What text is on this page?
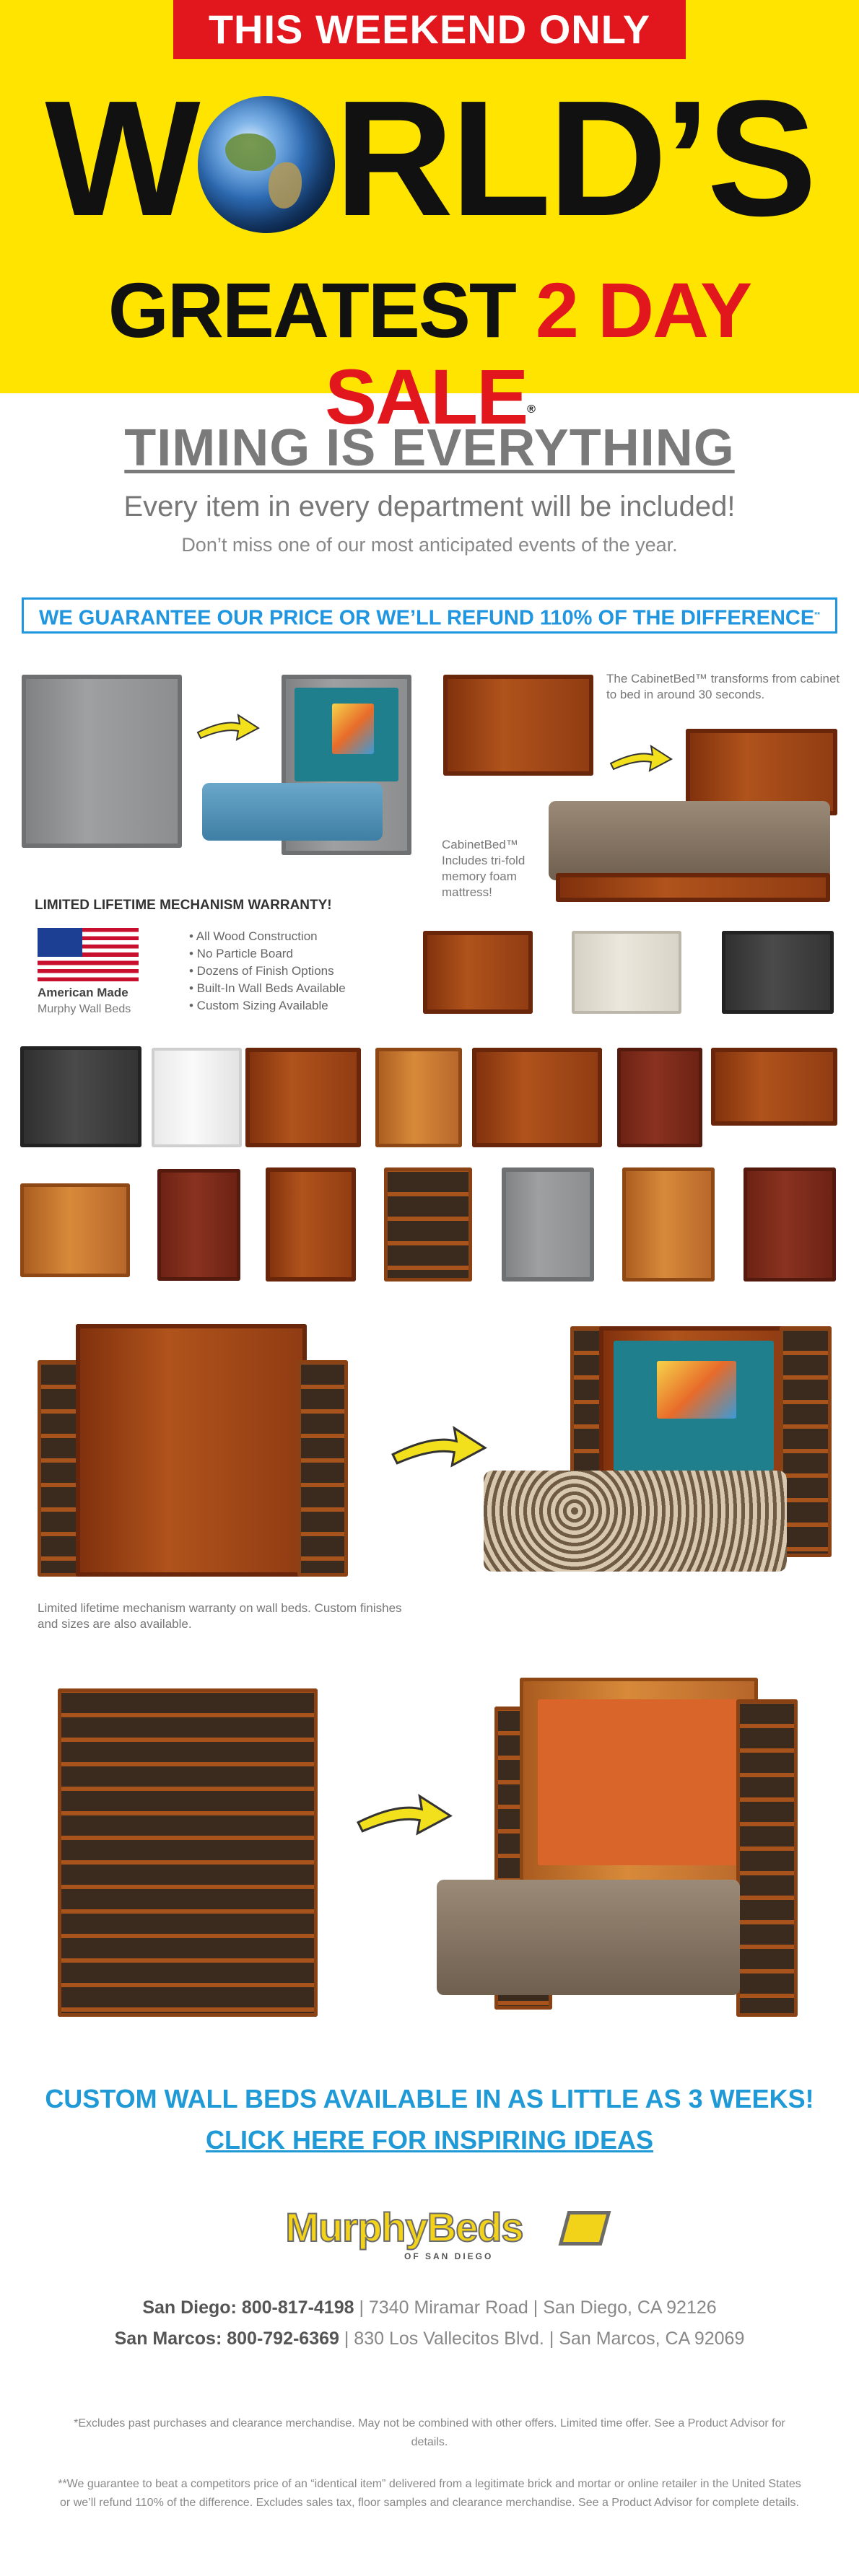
THIS WEEKEND ONLY
W RLD’S
GREATEST 2 DAY SALE®
TIMING IS EVERYTHING
Every item in every department will be included!
Don’t miss one of our most anticipated events of the year.
WE GUARANTEE OUR PRICE OR WE’LL REFUND 110% OF THE DIFFERENCE**
The CabinetBed™ transforms from cabinet to bed in around 30 seconds.
CabinetBed™ Includes tri-fold memory foam mattress!
LIMITED LIFETIME MECHANISM WARRANTY!
American Made
Murphy Wall Beds
• All Wood Construction
• No Particle Board
• Dozens of Finish Options
• Built-In Wall Beds Available
• Custom Sizing Available
Limited lifetime mechanism warranty on wall beds. Custom finishes and sizes are also available.
CUSTOM WALL BEDS AVAILABLE IN AS LITTLE AS 3 WEEKS!
CLICK HERE FOR INSPIRING IDEAS
MurphyBeds
OF SAN DIEGO
San Diego: 800-817-4198 | 7340 Miramar Road | San Diego, CA 92126
San Marcos: 800-792-6369 | 830 Los Vallecitos Blvd. | San Marcos, CA 92069
*Excludes past purchases and clearance merchandise. May not be combined with other offers. Limited time offer. See a Product Advisor for details.
**We guarantee to beat a competitors price of an “identical item” delivered from a legitimate brick and mortar or online retailer in the United States or we’ll refund 110% of the difference. Excludes sales tax, floor samples and clearance merchandise. See a Product Advisor for complete details.
